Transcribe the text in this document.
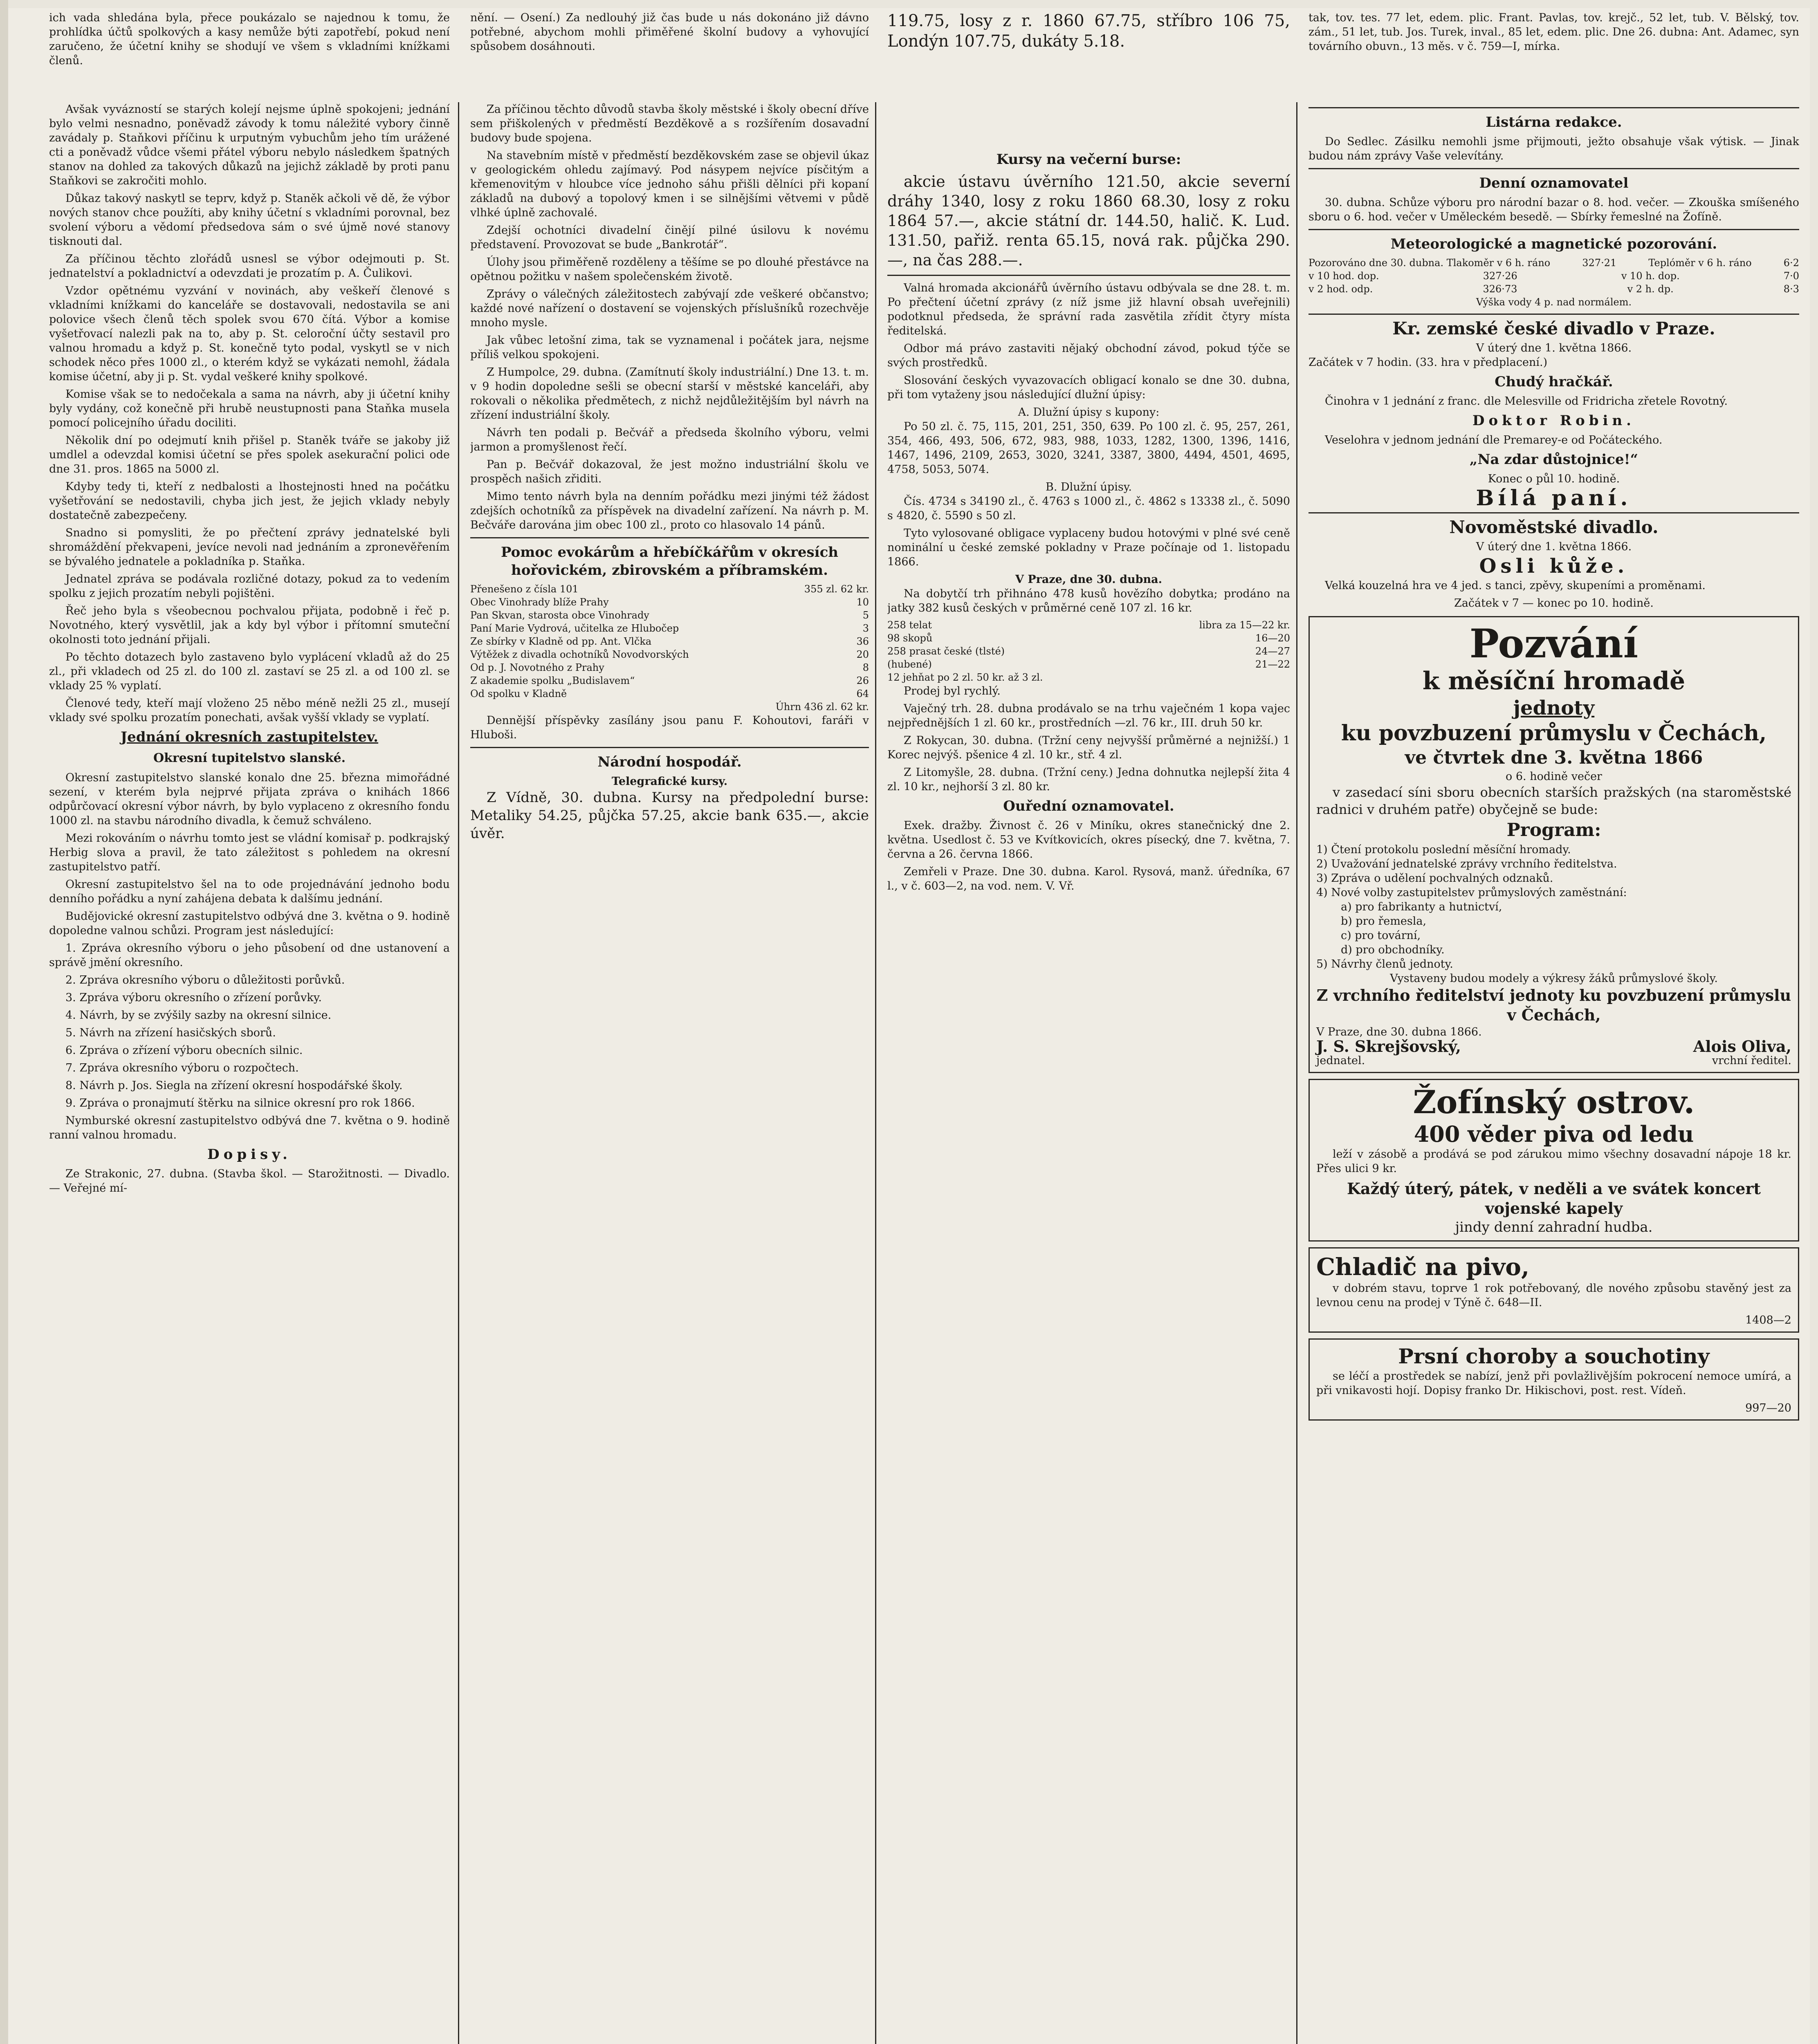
ich vada shledána byla, přece poukázalo se najednou k tomu, že prohlídka účtů spolkových a kasy nemůže býti zapotřebí, pokud není zaručeno, že účetní knihy se shodují ve všem s vkladními knížkami členů.

Avšak vyvázností se starých kolejí nejsme úplně spokojeni; jednání bylo velmi nesnadno, poněvadž závody k tomu náležité vybory činně zavádaly p. Staňkovi příčinu k urputným vybuchům jeho tím urážené cti a poněvadž vůdce všemi přátel výboru nebylo následkem špatných stanov na dohled za takových důkazů na jejichž základě by proti panu Staňkovi se zakročiti mohlo.

Důkaz takový naskytl se teprv, když p. Staněk ačkoli vě dě, že výbor nových stanov chce použíti, aby knihy účetní s vkladními porovnal, bez svolení výboru a vědomí předsedova sám o své újmě nové stanovy tisknouti dal.

Za příčinou těchto zlořádů usnesl se výbor odejmouti p. St. jednatelství a pokladnictví a odevzdati je prozatím p. A. Čulikovi.

Vzdor opětnému vyzvání v novinách, aby veškeří členové s vkladními knížkami do kanceláře se dostavovali, nedostavila se ani polovice všech členů těch spolek svou 670 čítá. Výbor a komise vyšetřovací nalezli pak na to, aby p. St. celoroční účty sestavil pro valnou hromadu a když p. St. konečně tyto podal, vyskytl se v nich schodek něco přes 1000 zl., o kterém když se vykázati nemohl, žádala komise účetní, aby ji p. St. vydal veškeré knihy spolkové.

Komise však se to nedočekala a sama na návrh, aby ji účetní knihy byly vydány, což konečně při hrubě neustupnosti pana Staňka musela pomocí policejního úřadu dociliti.

Několik dní po odejmutí knih přišel p. Staněk tváře se jakoby již umdlel a odevzdal komisi účetní se přes spolek asekurační polici ode dne 31. pros. 1865 na 5000 zl.

Kdyby tedy ti, kteří z nedbalosti a lhostejnosti hned na počátku vyšetřování se nedostavili, chyba jich jest, že jejich vklady nebyly dostatečně zabezpečeny.

Snadno si pomysliti, že po přečtení zprávy jednatelské byli shromáždění překvapeni, jevíce nevoli nad jednáním a zpronevěřením se bývalého jednatele a pokladníka p. Staňka.

Jednatel zpráva se podávala rozličné dotazy, pokud za to vedením spolku z jejich prozatím nebyli pojištěni.

Řeč jeho byla s všeobecnou pochvalou přijata, podobně i řeč p. Novotného, který vysvětlil, jak a kdy byl výbor i přítomní smuteční okolnosti toto jednání přijali.

Po těchto dotazech bylo zastaveno bylo vyplácení vkladů až do 25 zl., při vkladech od 25 zl. do 100 zl. zastaví se 25 zl. a od 100 zl. se vklady 25 % vyplatí.

Členové tedy, kteří mají vloženo 25 něbo méně nežli 25 zl., musejí vklady své spolku prozatím ponechati, avšak vyšší vklady se vyplatí.

Jednání okresních zastupitelstev.
Okresní tupitelstvo slanské.

Okresní zastupitelstvo slanské konalo dne 25. března mimořádné sezení, v kterém byla nejprvé přijata zpráva o knihách 1866 odpůrčovací okresní výbor návrh, by bylo vyplaceno z okresního fondu 1000 zl. na stavbu národního divadla, k čemuž schváleno.

Mezi rokováním o návrhu tomto jest se vládní komisař p. podkrajský Herbig slova a pravil, že tato záležitost s pohledem na okresní zastupitelstvo patří.

Okresní zastupitelstvo šel na to ode projednávání jednoho bodu denního pořádku a nyní zahájena debata k dalšímu jednání.

Budějovické okresní zastupitelstvo odbývá dne 3. května o 9. hodině dopoledne valnou schůzi. Program jest následující:

1. Zpráva okresního výboru o jeho působení od dne ustanovení a správě jmění okresního.

2. Zpráva okresního výboru o důležitosti porůvků.

3. Zpráva výboru okresního o zřízení porůvky.

4. Návrh, by se zvýšily sazby na okresní silnice.

5. Návrh na zřízení hasičských sborů.

6. Zpráva o zřízení výboru obecních silnic.

7. Zpráva okresního výboru o rozpočtech.

8. Návrh p. Jos. Siegla na zřízení okresní hospodářské školy.

9. Zpráva o pronajmutí štěrku na silnice okresní pro rok 1866.

Nymburské okresní zastupitelstvo odbývá dne 7. května o 9. hodině ranní valnou hromadu.

Dopisy.

Ze Strakonic, 27. dubna. (Stavba škol. — Starožitnosti. — Divadlo. — Veřejné mí-

nění. — Osení.) Za nedlouhý již čas bude u nás dokonáno již dávno potřebné, abychom mohli přiměřené školní budovy a vyhovující spůsobem dosáhnouti.

Za příčinou těchto důvodů stavba školy městské i školy obecní dříve sem přiškolených v předměstí Bezděkově a s rozšířením dosavadní budovy bude spojena.

Na stavebním místě v předměstí bezděkovském zase se objevil úkaz v geologickém ohledu zajímavý. Pod násypem nejvíce písčitým a křemenovitým v hloubce více jednoho sáhu přišli dělníci při kopaní základů na dubový a topolový kmen i se silnějšími větvemi v půdě vlhké úplně zachovalé.

Zdejší ochotníci divadelní činějí pilné úsilovu k novému představení. Provozovat se bude „Bankrotář“.

Úlohy jsou přiměřeně rozděleny a těšíme se po dlouhé přestávce na opětnou požitku v našem společenském životě.

Zprávy o válečných záležitostech zabývají zde veškeré občanstvo; každé nové nařízení o dostavení se vojenských příslušníků rozechvěje mnoho mysle.

Jak vůbec letošní zima, tak se vyznamenal i počátek jara, nejsme příliš velkou spokojeni.

Z Humpolce, 29. dubna. (Zamítnutí školy industriální.) Dne 13. t. m. v 9 hodin dopoledne sešli se obecní starší v městské kanceláři, aby rokovali o několika předmětech, z nichž nejdůležitějším byl návrh na zřízení industriální školy.

Návrh ten podali p. Bečvář a předseda školního výboru, velmi jarmon a promyšlenost řečí.

Pan p. Bečvář dokazoval, že jest možno industriální školu ve prospěch našich zřiditi.

Mimo tento návrh byla na denním pořádku mezi jinými též žádost zdejších ochotníků za příspěvek na divadelní zařízení. Na návrh p. M. Bečváře darována jim obec 100 zl., proto co hlasovalo 14 pánů.

Pomoc evokárům a hřebíčkářům v okresích hořovickém, zbirovském a příbramském.
Přenešeno z čísla 101	355 zl. 62 kr.
Obec Vinohrady blíže Prahy	10
Pan Skvan, starosta obce Vinohrady	5
Paní Marie Vydrová, učitelka ze Hlubočep	3
Ze sbírky v Kladně od pp. Ant. Vlčka	36
Výtěžek z divadla ochotníků Novodvorských	20
Od p. J. Novotného z Prahy	8
Z akademie spolku „Budislavem“	26
Od spolku v Kladně	64
Úhrn 436 zl. 62 kr.

Dennější příspěvky zasílány jsou panu F. Kohoutovi, faráři v Hluboši.

Národní hospodář.
Telegrafické kursy.

Z Vídně, 30. dubna. Kursy na předpolední burse: Metaliky 54.25, půjčka 57.25, akcie bank 635.—, akcie úvěr.

119.75, losy z r. 1860 67.75, stříbro 106 75, Londýn 107.75, dukáty 5.18.
Kursy na večerní burse:

akcie ústavu úvěrního 121.50, akcie severní dráhy 1340, losy z roku 1860 68.30, losy z roku 1864 57.—, akcie státní dr. 144.50, halič. K. Lud. 131.50, pařiž. renta 65.15, nová rak. půjčka 290.—, na čas 288.—.

Valná hromada akcionářů úvěrního ústavu odbývala se dne 28. t. m. Po přečtení účetní zprávy (z níž jsme již hlavní obsah uveřejnili) podotknul předseda, že správní rada zasvětila zřídit čtyry místa ředitelská.

Odbor má právo zastaviti nějaký obchodní závod, pokud týče se svých prostředků.

Slosování českých vyvazovacích obligací konalo se dne 30. dubna, při tom vytaženy jsou následující dlužní úpisy:

A. Dlužní úpisy s kupony:

Po 50 zl. č. 75, 115, 201, 251, 350, 639. Po 100 zl. č. 95, 257, 261, 354, 466, 493, 506, 672, 983, 988, 1033, 1282, 1300, 1396, 1416, 1467, 1496, 2109, 2653, 3020, 3241, 3387, 3800, 4494, 4501, 4695, 4758, 5053, 5074.

B. Dlužní úpisy.

Čís. 4734 s 34190 zl., č. 4763 s 1000 zl., č. 4862 s 13338 zl., č. 5090 s 4820, č. 5590 s 50 zl.

Tyto vylosované obligace vyplaceny budou hotovými v plné své ceně nominální u české zemské pokladny v Praze počínaje od 1. listopadu 1866.

V Praze, dne 30. dubna.

Na dobytčí trh přihnáno 478 kusů hovězího dobytka; prodáno na jatky 382 kusů českých v průměrné ceně 107 zl. 16 kr.

258 telat	libra za 15—22 kr.
98 skopů	16—20
258 prasat české (tlsté)	24—27
(hubené)	21—22
12 jehňat po 2 zl. 50 kr. až 3 zl.

Prodej byl rychlý.

Vaječný trh. 28. dubna prodávalo se na trhu vaječném 1 kopa vajec nejpřednějších 1 zl. 60 kr., prostředních —zl. 76 kr., III. druh 50 kr.

Z Rokycan, 30. dubna. (Tržní ceny nejvyšší průměrné a nejnižší.) 1 Korec nejvýš. pšenice 4 zl. 10 kr., stř. 4 zl.

Z Litomyšle, 28. dubna. (Tržní ceny.) Jedna dohnutka nejlepší žita 4 zl. 10 kr., nejhorší 3 zl. 80 kr.

Ouřední oznamovatel.

Exek. dražby. Živnost č. 26 v Miníku, okres stanečnický dne 2. května. Usedlost č. 53 ve Kvítkovicích, okres písecký, dne 7. května, 7. června a 26. června 1866.

Zemřeli v Praze. Dne 30. dubna. Karol. Rysová, manž. úředníka, 67 l., v č. 603—2, na vod. nem. V. Vř.

tak, tov. tes. 77 let, edem. plic. Frant. Pavlas, tov. krejč., 52 let, tub. V. Bělský, tov. zám., 51 let, tub. Jos. Turek, inval., 85 let, edem. plic. Dne 26. dubna: Ant. Adamec, syn továrního obuvn., 13 měs. v č. 759—I, mírka.
Listárna redakce.

Do Sedlec. Zásilku nemohli jsme přijmouti, ježto obsahuje však výtisk. — Jinak budou nám zprávy Vaše velevítány.

Denní oznamovatel

30. dubna. Schůze výboru pro národní bazar o 8. hod. večer. — Zkouška smíšeného sboru o 6. hod. večer v Uměleckém besedě. — Sbírky řemeslné na Žofíně.

Meteorologické a magnetické pozorování.
Pozorováno dne 30. dubna. Tlakoměr v 6 h. ráno	327·21	Teplóměr v 6 h. ráno	6·2
v 10 hod. dop.	327·26	v 10 h. dop.	7·0
v 2 hod. odp.	326·73	v 2 h. dp.	8·3
Výška vody 4 p. nad normálem.
Kr. zemské české divadlo v Praze.
V úterý dne 1. května 1866.
Začátek v 7 hodin. (33. hra v předplacení.)
Chudý hračkář.

Činohra v 1 jednání z franc. dle Melesville od Fridricha zřetele Rovotný.

Doktor Robin.

Veselohra v jednom jednání dle Premarey-e od Počáteckého.

„Na zdar důstojnice!“
Konec o půl 10. hodině.
Bílá paní.
Novoměstské divadlo.
V úterý dne 1. května 1866.
Osli kůže.

Velká kouzelná hra ve 4 jed. s tanci, zpěvy, skupeními a proměnami.

Začátek v 7 — konec po 10. hodině.
Pozvání
k měsíční hromadě
jednoty
ku povzbuzení průmyslu v Čechách,
ve čtvrtek dne 3. května 1866
o 6. hodině večer

v zasedací síni sboru obecních starších pražských (na staroměstské radnici v druhém patře) obyčejně se bude:

Program:
1) Čtení protokolu poslední měsíční hromady.
2) Uvažování jednatelské zprávy vrchního ředitelstva.
3) Zpráva o udělení pochvalných odznaků.
4) Nové volby zastupitelstev průmyslových zaměstnání:
a) pro fabrikanty a hutnictví,
b) pro řemesla,
c) pro tovární,
d) pro obchodníky.
5) Návrhy členů jednoty.
Vystaveny budou modely a výkresy žáků průmyslové školy.
Z vrchního ředitelství jednoty ku povzbuzení průmyslu v Čechách,
V Praze, dne 30. dubna 1866.
J. S. Skrejšovský,	Alois Oliva,
jednatel.	vrchní ředitel.
Žofínský ostrov.
400 věder piva od ledu

leží v zásobě a prodává se pod zárukou mimo všechny dosavadní nápoje 18 kr. Přes ulici 9 kr.

Každý úterý, pátek, v neděli a ve svátek koncert vojenské kapely
jindy denní zahradní hudba.
Chladič na pivo,

v dobrém stavu, toprve 1 rok potřebovaný, dle nového způsobu stavěný jest za levnou cenu na prodej v Týně č. 648—II.

1408—2
Prsní choroby a souchotiny

se léčí a prostředek se nabízí, jenž při povlažlivějším pokrocení nemoce umírá, a při vnikavosti hojí. Dopisy franko Dr. Hikischovi, post. rest. Vídeň.

997—20
